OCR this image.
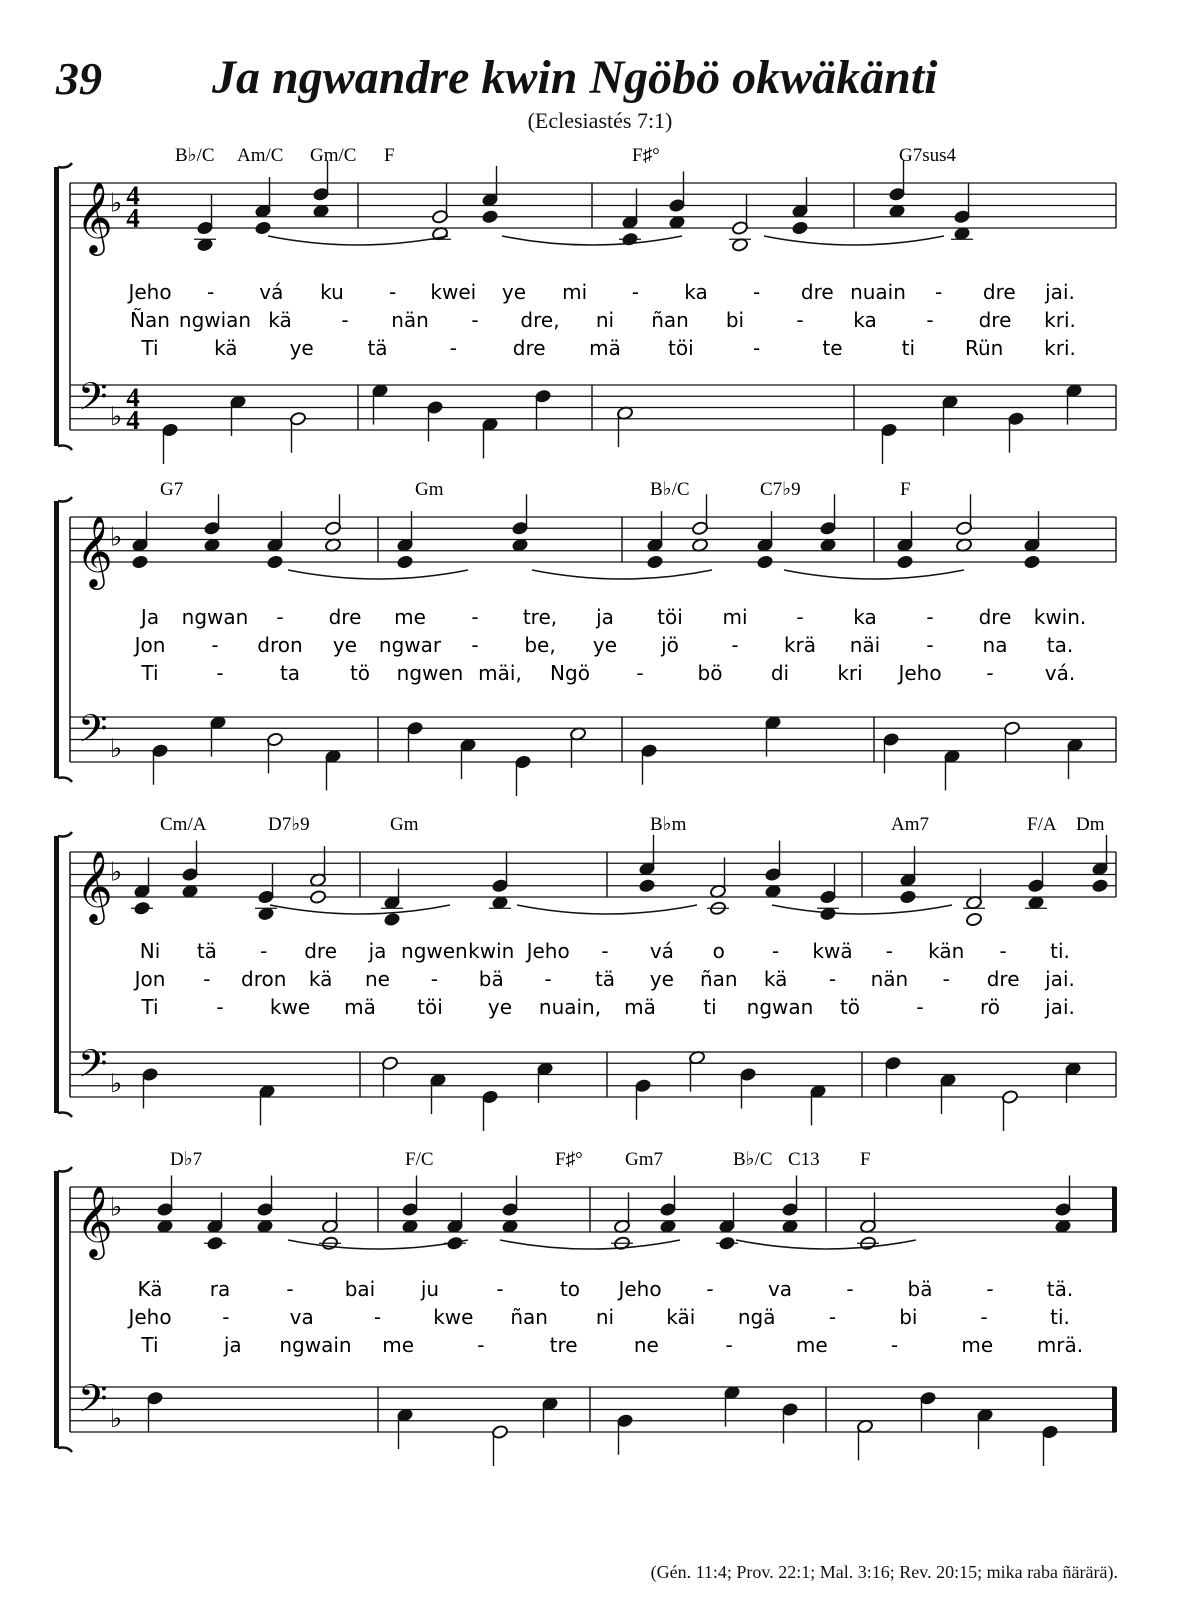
39 Ja ngwandre kwin Ngöbö okwäkänti
(Eclesiastés 7:1)
𝄞
𝄢
♭
♭
4
4
4
4
B♭/C Am/C Gm/C F	F♯°	G7sus4
Jeho - vá ku - kwei ye mi - ka - dre nuain - dre jai.
Ñan ngwian kä - nän - dre, ni ñan bi	- ka - dre kri.
Ti	kä	ye	tä	-	dre mä töi	-	te	ti Rün kri.
𝄞
𝄢
♭
♭
G7	Gm	B♭/C	C7♭9	F
Ja ngwan - dre me - tre, ja töi mi - ka - dre kwin.
Jon - dron ye ngwar - be, ye jö	- krä näi - na ta.
Ti	-	ta tö ngwen mäi, Ngö -	bö di kri Jeho -	vá.
𝄞
𝄢
♭
♭
Cm/A	D7♭9	Gm	B♭m	Am7	F/A Dm
Ni tä - dre ja ngwen kwin Jeho - vá o - kwä - kän - ti.
Jon - dron kä ne - bä - tä ye ñan kä - nän - dre jai.
Ti	- kwe mä töi ye nuain, mä ti ngwan tö	-	rö jai.
𝄞
𝄢
♭
♭
D♭7	F/C	F♯° Gm7	B♭/C C13 F
Kä ra	-	bai ju	-	to Jeho -	va	-	bä	-	tä.
Jeho	-	va	-	kwe ñan ni	käi ngä	-	bi	-	ti.
Ti	ja ngwain me	-	tre	ne	-	me	-	me mrä.
(Gén. 11:4; Prov. 22:1; Mal. 3:16; Rev. 20:15; mika raba ñärärä).
